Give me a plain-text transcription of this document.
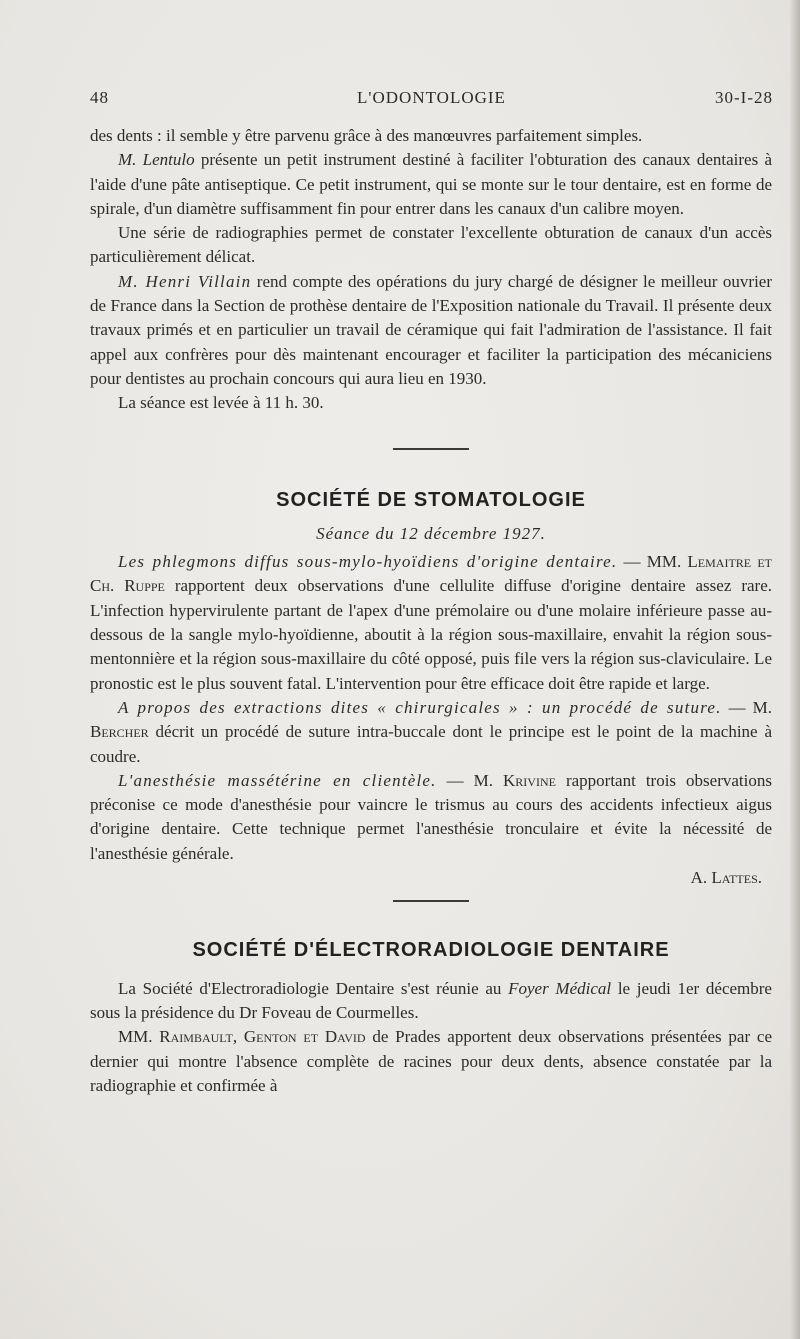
48	L'ODONTOLOGIE	30-I-28

des dents : il semble y être parvenu grâce à des manœuvres parfaitement simples.

M. Lentulo présente un petit instrument destiné à faciliter l'obturation des canaux dentaires à l'aide d'une pâte antiseptique. Ce petit instrument, qui se monte sur le tour dentaire, est en forme de spirale, d'un diamètre suffisamment fin pour entrer dans les canaux d'un calibre moyen.

Une série de radiographies permet de constater l'excellente obturation de canaux d'un accès particulièrement délicat.

M. Henri Villain rend compte des opérations du jury chargé de désigner le meilleur ouvrier de France dans la Section de prothèse dentaire de l'Exposition nationale du Travail. Il présente deux travaux primés et en particulier un travail de céramique qui fait l'admiration de l'assistance. Il fait appel aux confrères pour dès maintenant encourager et faciliter la participation des mécaniciens pour dentistes au prochain concours qui aura lieu en 1930.

La séance est levée à 11 h. 30.

SOCIÉTÉ DE STOMATOLOGIE

Séance du 12 décembre 1927.

Les phlegmons diffus sous-mylo-hyoïdiens d'origine dentaire. — MM. Lemaitre et Ch. Ruppe rapportent deux observations d'une cellulite diffuse d'origine dentaire assez rare. L'infection hypervirulente partant de l'apex d'une prémolaire ou d'une molaire inférieure passe au-dessous de la sangle mylo-hyoïdienne, aboutit à la région sous-maxillaire, envahit la région sous-mentonnière et la région sous-maxillaire du côté opposé, puis file vers la région sus-claviculaire. Le pronostic est le plus souvent fatal. L'intervention pour être efficace doit être rapide et large.

A propos des extractions dites « chirurgicales » : un procédé de suture. — M. Bercher décrit un procédé de suture intra-buccale dont le principe est le point de la machine à coudre.

L'anesthésie massétérine en clientèle. — M. Krivine rapportant trois observations préconise ce mode d'anesthésie pour vaincre le trismus au cours des accidents infectieux aigus d'origine dentaire. Cette technique permet l'anesthésie tronculaire et évite la nécessité de l'anesthésie générale.

A. Lattes.

SOCIÉTÉ D'ÉLECTRORADIOLOGIE DENTAIRE

La Société d'Electroradiologie Dentaire s'est réunie au Foyer Médical le jeudi 1er décembre sous la présidence du Dr Foveau de Courmelles.

MM. Raimbault, Genton et David de Prades apportent deux observations présentées par ce dernier qui montre l'absence complète de racines pour deux dents, absence constatée par la radiographie et confirmée à
